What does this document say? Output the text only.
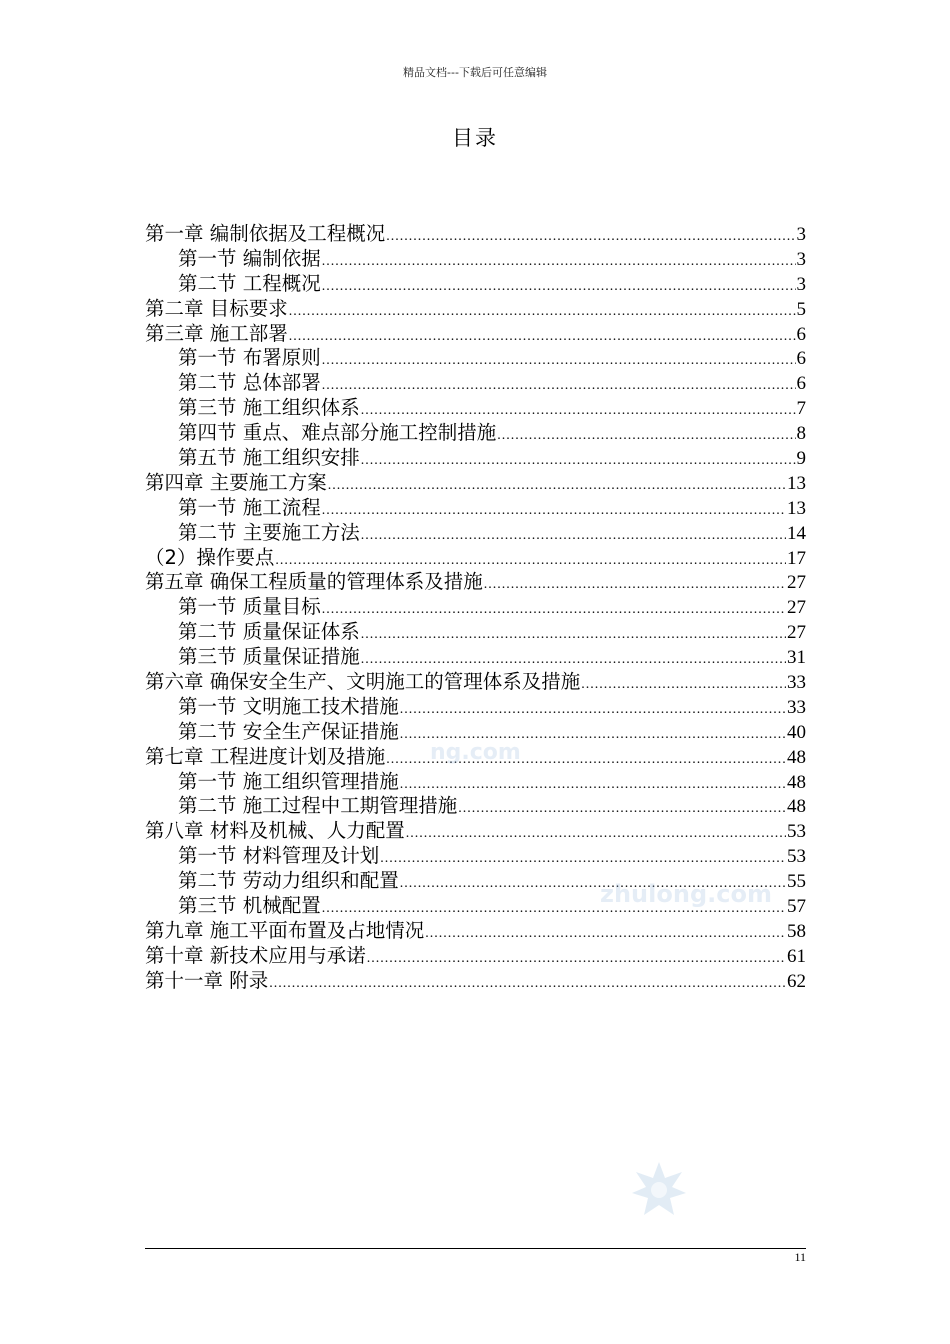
精品文档---下载后可任意编辑
目录
第一章 编制依据及工程概况 .....	3
第一节 编制依据 .....	3
第二节 工程概况 .....	3
第二章 目标要求 .....	5
第三章 施工部署 .....	6
第一节 布署原则 .....	6
第二节 总体部署 .....	6
第三节 施工组织体系 .....	7
第四节 重点、难点部分施工控制措施 .....	8
第五节 施工组织安排 .....	9
第四章 主要施工方案 .....	13
第一节 施工流程 .....	13
第二节 主要施工方法 .....	14
（2）操作要点 .....	17
第五章 确保工程质量的管理体系及措施 .....	27
第一节 质量目标 .....	27
第二节 质量保证体系 .....	27
第三节 质量保证措施 .....	31
第六章 确保安全生产、文明施工的管理体系及措施 .....	33
第一节 文明施工技术措施 .....	33
第二节 安全生产保证措施 .....	40
第七章 工程进度计划及措施 .....	48
第一节 施工组织管理措施 .....	48
第二节 施工过程中工期管理措施 .....	48
第八章 材料及机械、人力配置 .....	53
第一节 材料管理及计划 .....	53
第二节 劳动力组织和配置 .....	55
第三节 机械配置 .....	57
第九章 施工平面布置及占地情况 .....	58
第十章 新技术应用与承诺 .....	61
第十一章 附录 .....	62
ng.com
zhulong.com
11
